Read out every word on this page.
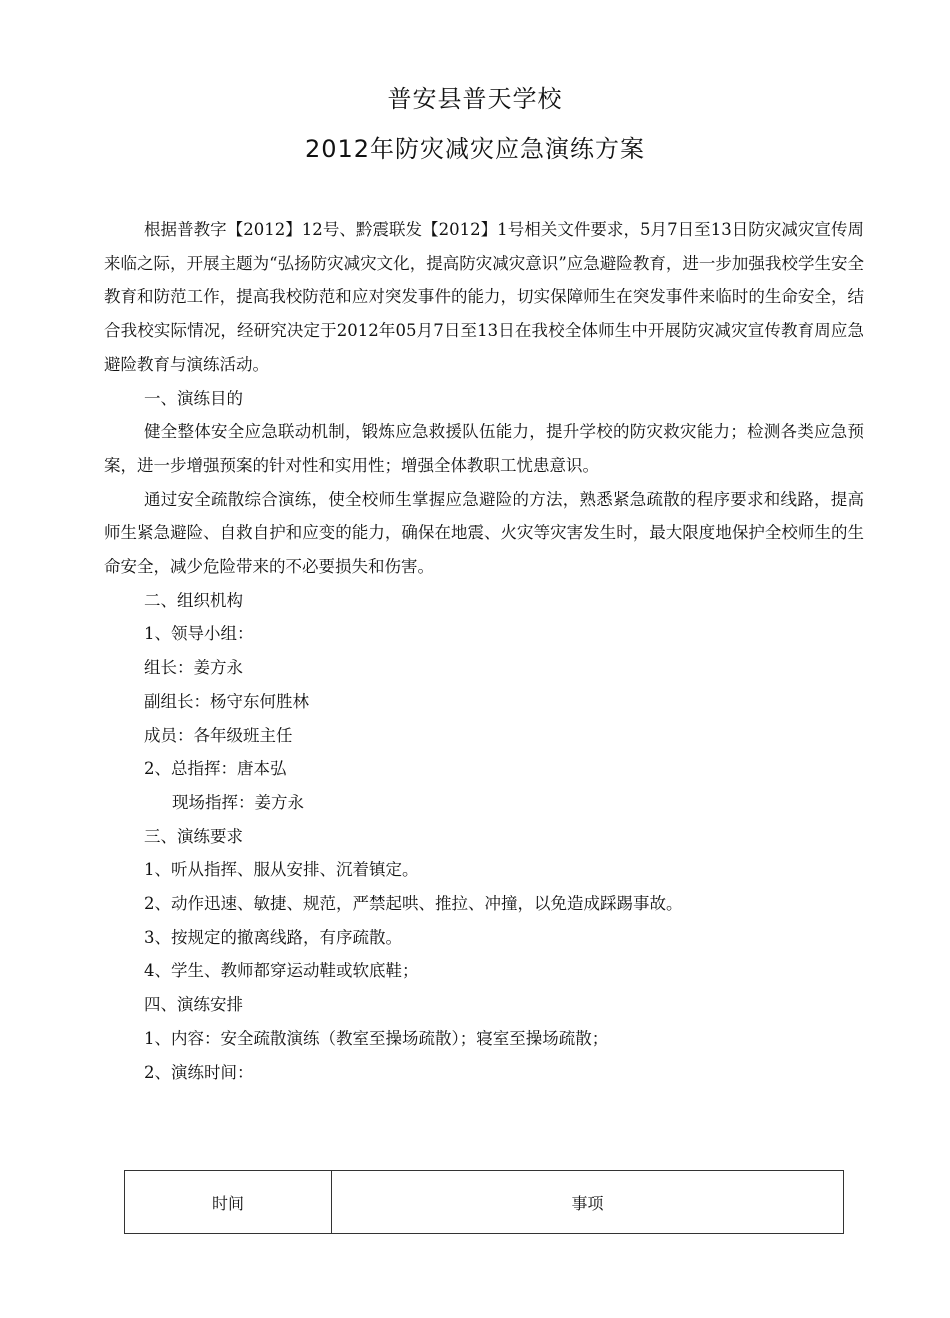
普安县普天学校
2012年防灾减灾应急演练方案

根据普教字【2012】12号、黔震联发【2012】1号相关文件要求，5月7日至13日防灾减灾宣传周来临之际，开展主题为“弘扬防灾减灾文化，提高防灾减灾意识”应急避险教育，进一步加强我校学生安全教育和防范工作，提高我校防范和应对突发事件的能力，切实保障师生在突发事件来临时的生命安全，结合我校实际情况，经研究决定于2012年05月7日至13日在我校全体师生中开展防灾减灾宣传教育周应急避险教育与演练活动。

一、演练目的

健全整体安全应急联动机制，锻炼应急救援队伍能力，提升学校的防灾救灾能力；检测各类应急预案，进一步增强预案的针对性和实用性；增强全体教职工忧患意识。

通过安全疏散综合演练，使全校师生掌握应急避险的方法，熟悉紧急疏散的程序要求和线路，提高师生紧急避险、自救自护和应变的能力，确保在地震、火灾等灾害发生时，最大限度地保护全校师生的生命安全，减少危险带来的不必要损失和伤害。

二、组织机构

1、领导小组：

组长：姜方永

副组长：杨守东何胜林

成员：各年级班主任

2、总指挥：唐本弘

现场指挥：姜方永

三、演练要求

1、听从指挥、服从安排、沉着镇定。

2、动作迅速、敏捷、规范，严禁起哄、推拉、冲撞，以免造成踩踢事故。

3、按规定的撤离线路，有序疏散。

4、学生、教师都穿运动鞋或软底鞋；

四、演练安排

1、内容：安全疏散演练（教室至操场疏散）；寝室至操场疏散；

2、演练时间：

时间	事项
